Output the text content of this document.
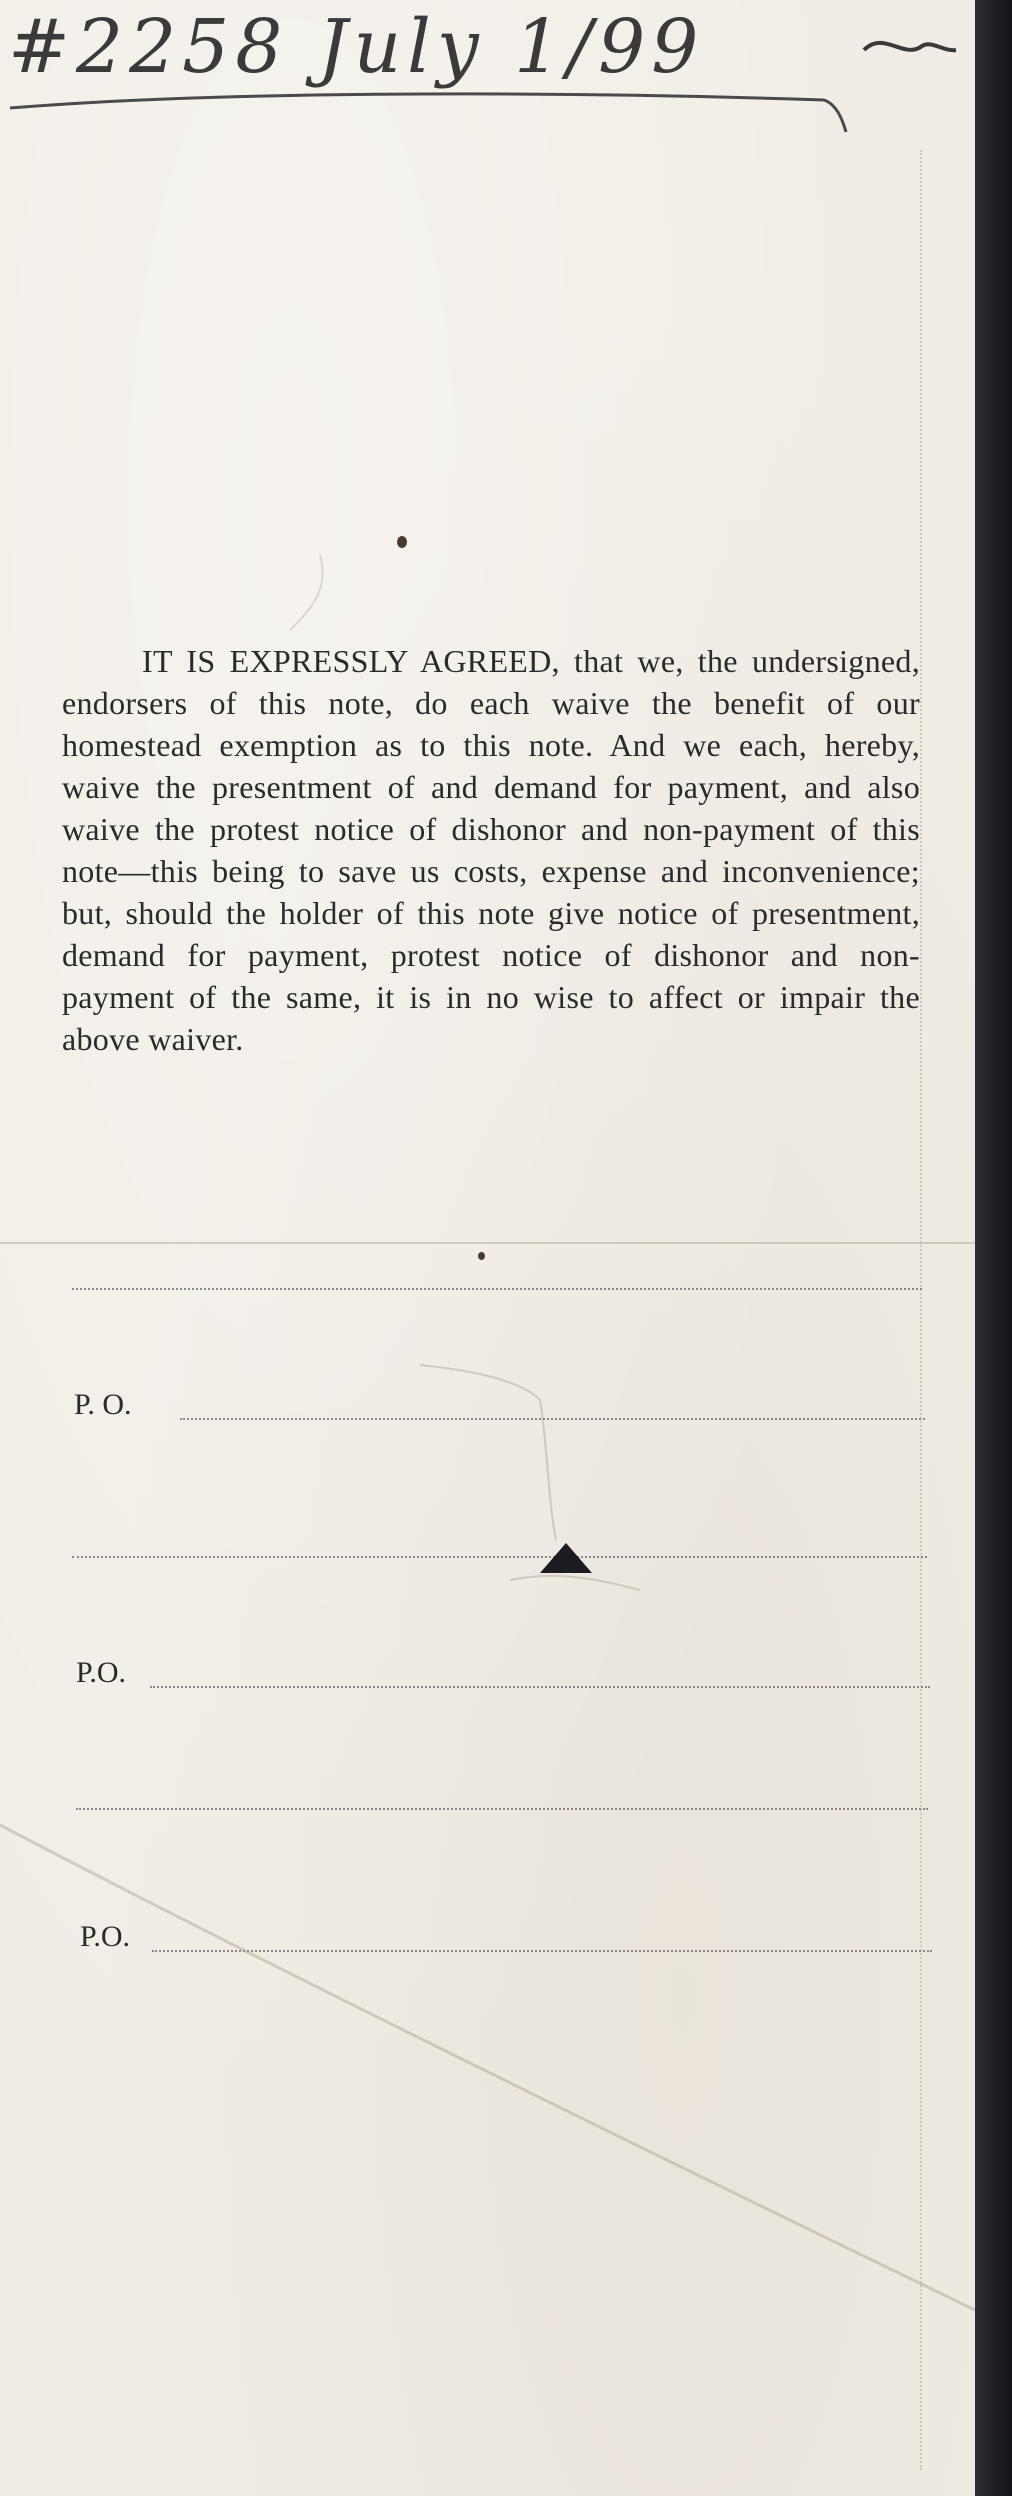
#2258 July 1/99
IT IS EXPRESSLY AGREED, that we, the undersigned, endorsers of this note, do each waive the benefit of our homestead exemption as to this note. And we each, hereby, waive the presentment of and demand for payment, and also waive the protest notice of dishonor and non-payment of this note—this being to save us costs, expense and inconvenience; but, should the holder of this note give notice of presentment, demand for payment, protest notice of dishonor and non-payment of the same, it is in no wise to affect or impair the above waiver.
P. O.
P.O.
P.O.
